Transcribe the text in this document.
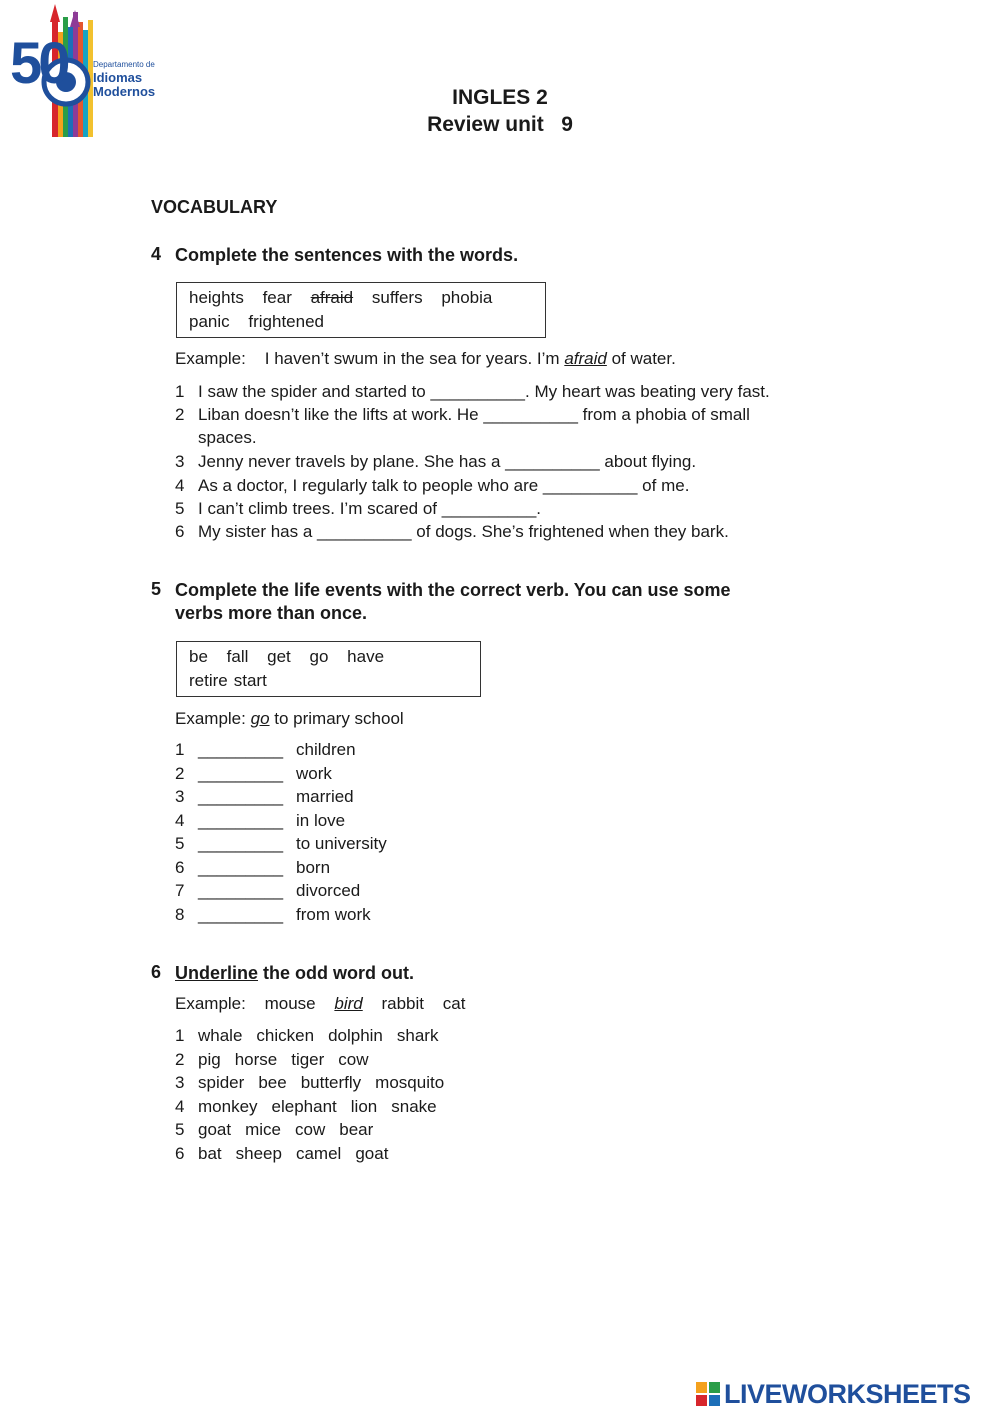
50	Departamento de
Idiomas
Modernos	INGLES 2
Review unit   9
VOCABULARY
4 Complete the sentences with the words.
heights fear afraid suffers phobia
panic frightened
Example: I haven’t swum in the sea for years. I’m afraid of water.
1 I saw the spider and started to __________. My heart was beating very fast.
2 Liban doesn’t like the lifts at work. He __________ from a phobia of small
spaces.
3 Jenny never travels by plane. She has a __________ about flying.
4 As a doctor, I regularly talk to people who are __________ of me.
5 I can’t climb trees. I’m scared of __________.
6 My sister has a __________ of dogs. She’s frightened when they bark.
5 Complete the life events with the correct verb. You can use some
verbs more than once.
be fall get go have
retire start
Example: go to primary school
1 _________ children
2 _________ work
3 _________ married
4 _________ in love
5 _________ to university
6 _________ born
7 _________ divorced
8 _________ from work
6 Underline the odd word out.
Example: mouse bird rabbit cat
1 whale chicken dolphin shark
2 pig horse tiger cow
3 spider bee butterfly mosquito
4 monkey elephant lion snake
5 goat mice cow bear
6 bat sheep camel goat
LIVEWORKSHEETS
